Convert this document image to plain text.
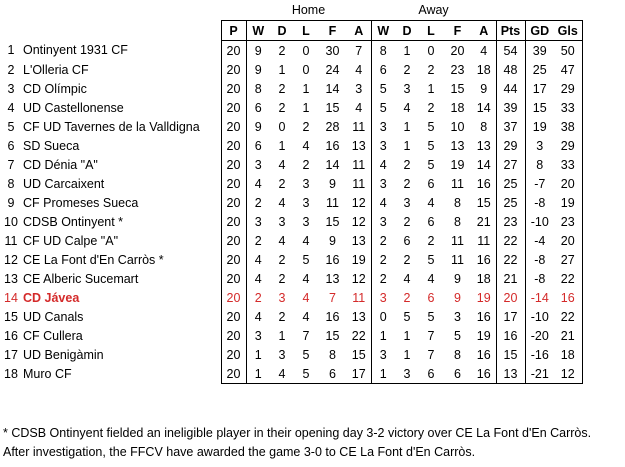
			Home					Away							
		P	W	D	L	F	A	W	D	L	F	A	Pts	GD	Gls
1	Ontinyent 1931 CF	20	9	2	0	30	7	8	1	0	20	4	54	39	50
2	L'Olleria CF	20	9	1	0	24	4	6	2	2	23	18	48	25	47
3	CD Olímpic	20	8	2	1	14	3	5	3	1	15	9	44	17	29
4	UD Castellonense	20	6	2	1	15	4	5	4	2	18	14	39	15	33
5	CF UD Tavernes de la Valldigna	20	9	0	2	28	11	3	1	5	10	8	37	19	38
6	SD Sueca	20	6	1	4	16	13	3	1	5	13	13	29	3	29
7	CD Dénia "A"	20	3	4	2	14	11	4	2	5	19	14	27	8	33
8	UD Carcaixent	20	4	2	3	9	11	3	2	6	11	16	25	-7	20
9	CF Promeses Sueca	20	2	4	3	11	12	4	3	4	8	15	25	-8	19
10	CDSB Ontinyent *	20	3	3	3	15	12	3	2	6	8	21	23	-10	23
11	CF UD Calpe "A"	20	2	4	4	9	13	2	6	2	11	11	22	-4	20
12	CE La Font d'En Carròs *	20	4	2	5	16	19	2	2	5	11	16	22	-8	27
13	CE Alberic Sucemart	20	4	2	4	13	12	2	4	4	9	18	21	-8	22
14	CD Jávea	20	2	3	4	7	11	3	2	6	9	19	20	-14	16
15	UD Canals	20	4	2	4	16	13	0	5	5	3	16	17	-10	22
16	CF Cullera	20	3	1	7	15	22	1	1	7	5	19	16	-20	21
17	UD Benigàmin	20	1	3	5	8	15	3	1	7	8	16	15	-16	18
18	Muro CF	20	1	4	5	6	17	1	3	6	6	16	13	-21	12
* CDSB Ontinyent fielded an ineligible player in their opening day 3-2 victory over CE La Font d'En Carròs.
After investigation, the FFCV have awarded the game 3-0 to CE La Font d'En Carròs.
